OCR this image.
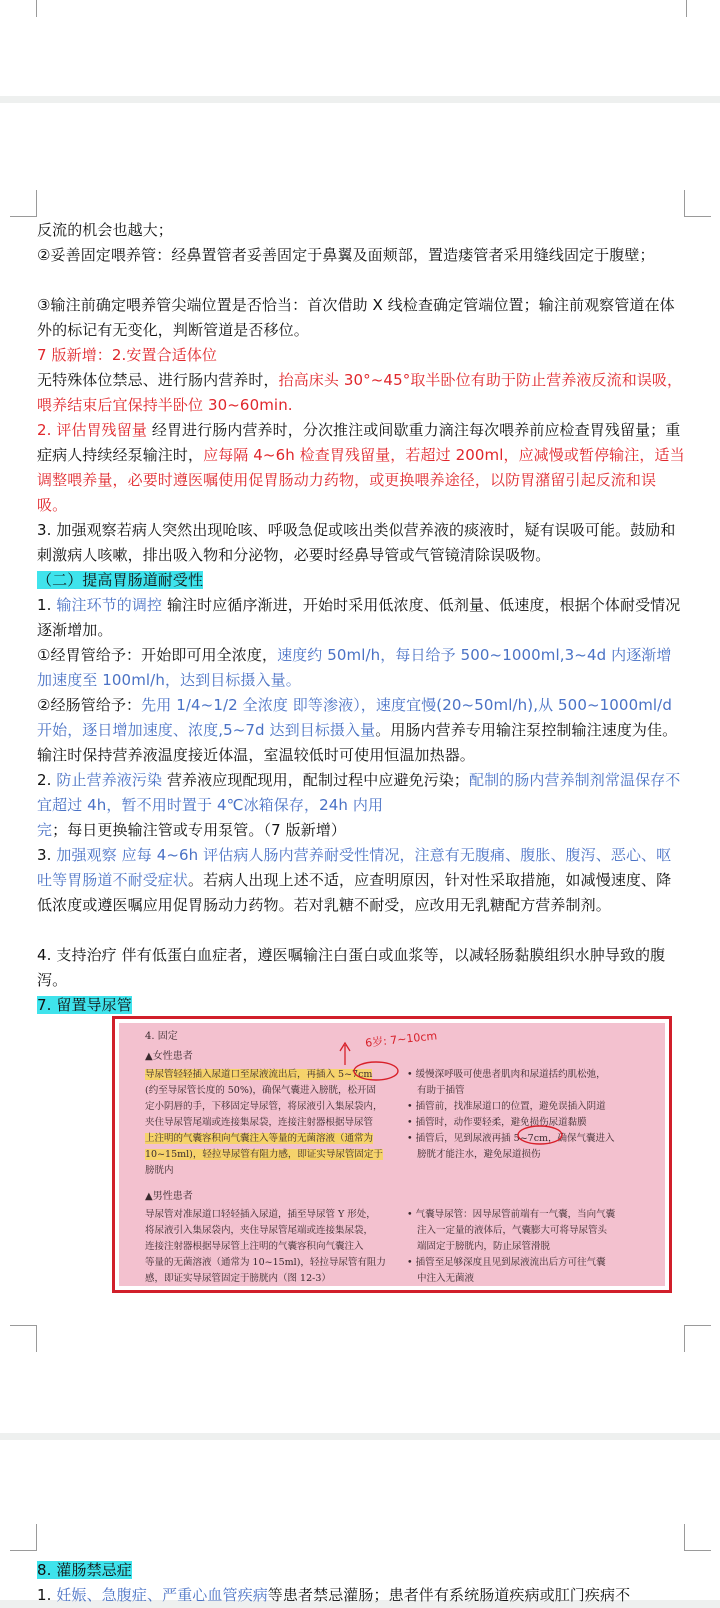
反流的机会也越大；

②妥善固定喂养管：经鼻置管者妥善固定于鼻翼及面颊部，置造瘘管者采用缝线固定于腹壁；

③输注前确定喂养管尖端位置是否恰当：首次借助 X 线检查确定管端位置；输注前观察管道在体外的标记有无变化，判断管道是否移位。

7 版新增：2.安置合适体位

无特殊体位禁忌、进行肠内营养时，抬高床头 30°~45°取半卧位有助于防止营养液反流和误吸，喂养结束后宜保持半卧位 30~60min.

2. 评估胃残留量 经胃进行肠内营养时，分次推注或间歇重力滴注每次喂养前应检查胃残留量；重症病人持续经泵输注时，应每隔 4~6h 检查胃残留量，若超过 200ml，应减慢或暂停输注，适当调整喂养量，必要时遵医嘱使用促胃肠动力药物，或更换喂养途径，以防胃潴留引起反流和误吸。

3. 加强观察若病人突然出现呛咳、呼吸急促或咳出类似营养液的痰液时，疑有误吸可能。鼓励和刺激病人咳嗽，排出吸入物和分泌物，必要时经鼻导管或气管镜清除误吸物。

（二）提高胃肠道耐受性

1. 输注环节的调控 输注时应循序渐进，开始时采用低浓度、低剂量、低速度，根据个体耐受情况逐渐增加。

①经胃管给予：开始即可用全浓度，速度约 50ml/h，每日给予 500~1000ml,3~4d 内逐渐增加速度至 100ml/h，达到目标摄入量。

②经肠管给予：先用 1/4~1/2 全浓度 即等渗液），速度宜慢(20~50ml/h),从 500~1000ml/d 开始，逐日增加速度、浓度,5~7d 达到目标摄入量。用肠内营养专用输注泵控制输注速度为佳。输注时保持营养液温度接近体温，室温较低时可使用恒温加热器。

2. 防止营养液污染 营养液应现配现用，配制过程中应避免污染；配制的肠内营养制剂常温保存不宜超过 4h，暂不用时置于 4℃冰箱保存，24h 内用完；每日更换输注管或专用泵管。（7 版新增）

3. 加强观察 应每 4~6h 评估病人肠内营养耐受性情况，注意有无腹痛、腹胀、腹泻、恶心、呕吐等胃肠道不耐受症状。若病人出现上述不适，应查明原因，针对性采取措施，如减慢速度、降低浓度或遵医嘱应用促胃肠动力药物。若对乳糖不耐受，应改用无乳糖配方营养制剂。

4. 支持治疗 伴有低蛋白血症者，遵医嘱输注白蛋白或血浆等，以减轻肠黏膜组织水肿导致的腹泻。

7. 留置导尿管

4. 固定

▲女性患者

导尿管轻轻插入尿道口至尿液流出后，再插入 5~7cm

(约至导尿管长度的 50%)，确保气囊进入膀胱，松开固

定小阴唇的手，下移固定导尿管，将尿液引入集尿袋内，

夹住导尿管尾端或连接集尿袋，连接注射器根据导尿管

上注明的气囊容积向气囊注入等量的无菌溶液（通常为

10~15ml)，轻拉导尿管有阻力感，即证实导尿管固定于

膀胱内

• 缓慢深呼吸可使患者肌肉和尿道括约肌松弛，

有助于插管

• 插管前，找准尿道口的位置，避免误插入阴道

• 插管时，动作要轻柔，避免损伤尿道黏膜

• 插管后，见到尿液再插 5~7cm，确保气囊进入

膀胱才能注水，避免尿道损伤

▲男性患者

导尿管对准尿道口轻轻插入尿道，插至导尿管 Y 形处，

将尿液引入集尿袋内，夹住导尿管尾端或连接集尿袋，

连接注射器根据导尿管上注明的气囊容积向气囊注入

等量的无菌溶液（通常为 10~15ml)，轻拉导尿管有阻力

感，即证实导尿管固定于膀胱内（图 12-3）

• 气囊导尿管：因导尿管前端有一气囊，当向气囊

注入一定量的液体后，气囊膨大可将导尿管头

端固定于膀胱内，防止尿管滑脱

• 插管至足够深度且见到尿液流出后方可往气囊

中注入无菌液

6岁: 7~10cm

8. 灌肠禁忌症

1. 妊娠、急腹症、严重心血管疾病等患者禁忌灌肠；患者伴有系统肠道疾病或肛门疾病不
